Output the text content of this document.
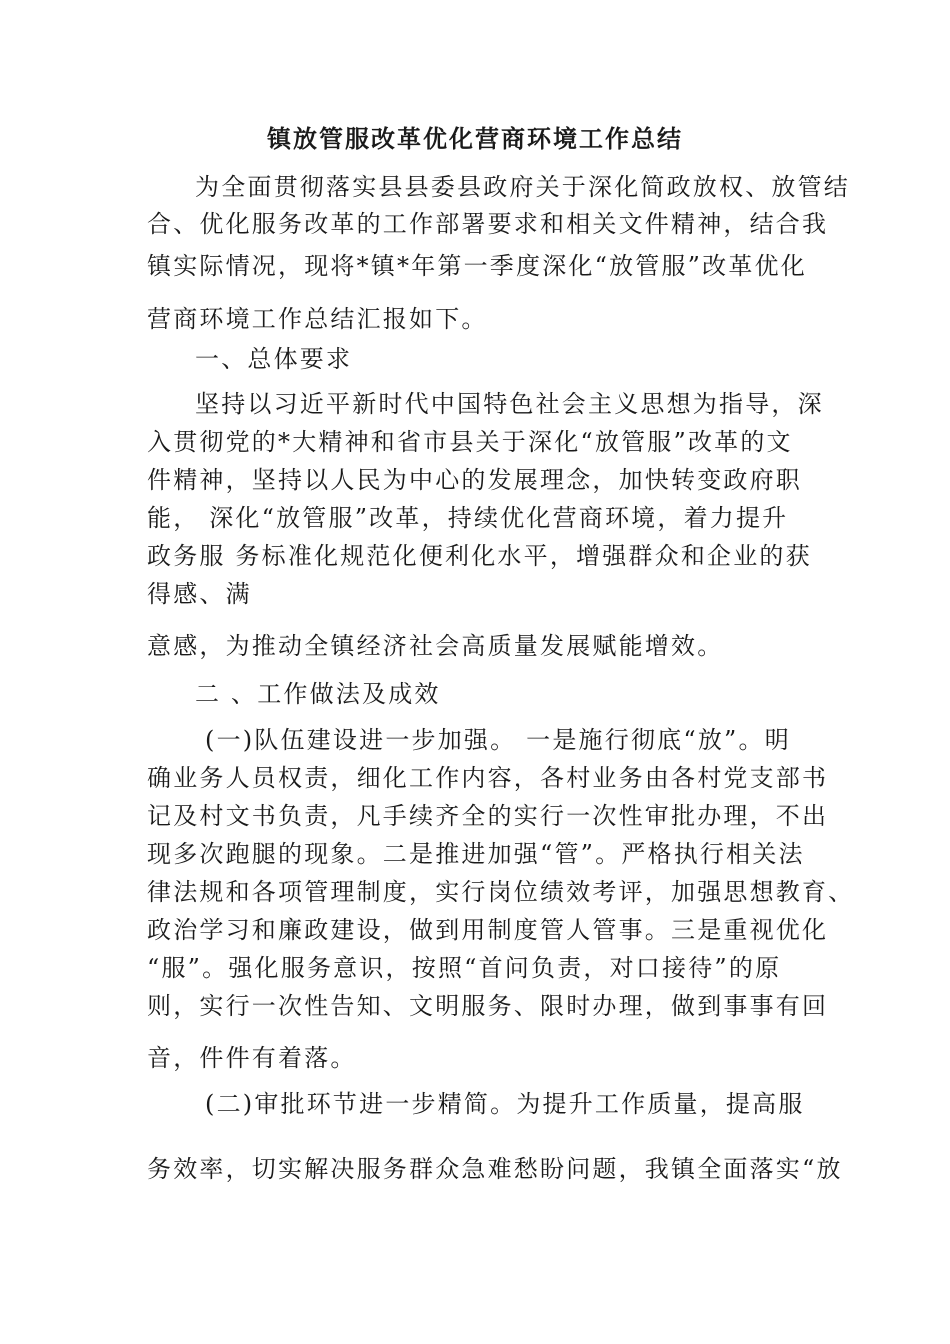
镇放管服改革优化营商环境工作总结
为全面贯彻落实县县委县政府关于深化简政放权、放管结
合、优化服务改革的工作部署要求和相关文件精神，结合我
镇实际情况，现将*镇*年第一季度深化“放管服”改革优化
营商环境工作总结汇报如下。
一、总体要求
坚持以习近平新时代中国特色社会主义思想为指导，深
入贯彻党的*大精神和省市县关于深化“放管服”改革的文
件精神，坚持以人民为中心的发展理念，加快转变政府职
能， 深化“放管服”改革，持续优化营商环境，着力提升
政务服 务标准化规范化便利化水平，增强群众和企业的获
得感、满
意感，为推动全镇经济社会高质量发展赋能增效。
二 、工作做法及成效
(一)队伍建设进一步加强。 一是施行彻底“放”。明
确业务人员权责，细化工作内容，各村业务由各村党支部书
记及村文书负责，凡手续齐全的实行一次性审批办理，不出
现多次跑腿的现象。二是推进加强“管”。严格执行相关法
律法规和各项管理制度，实行岗位绩效考评，加强思想教育、
政治学习和廉政建设，做到用制度管人管事。三是重视优化
“服”。强化服务意识，按照“首问负责，对口接待”的原
则，实行一次性告知、文明服务、限时办理，做到事事有回
音，件件有着落。
(二)审批环节进一步精简。为提升工作质量，提高服
务效率，切实解决服务群众急难愁盼问题，我镇全面落实“放
